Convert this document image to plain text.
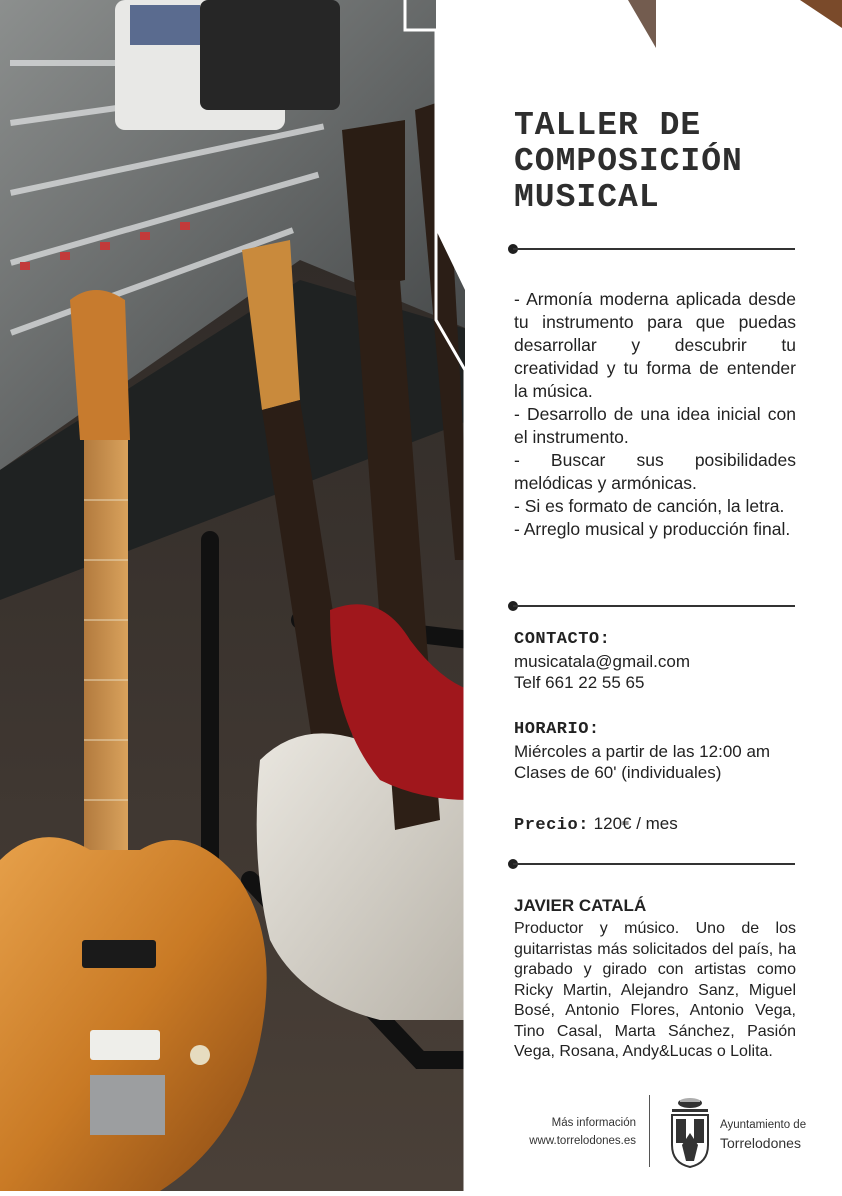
TALLER DE
COMPOSICIÓN
MUSICAL

- Armonía moderna aplicada desde tu instrumento para que puedas desarrollar y descubrir tu creatividad y tu forma de entender la música.

- Desarrollo de una idea inicial con el instrumento.

- Buscar sus posibilidades melódicas y armónicas.

- Si es formato de canción, la letra.

- Arreglo musical y producción final.

CONTACTO:
musicatala@gmail.com
Telf 661 22 55 65
HORARIO:
Miércoles a partir de las 12:00 am
Clases de 60' (individuales)
Precio: 120€ / mes
JAVIER CATALÁ
Productor y músico. Uno de los guitarristas más solicitados del país, ha grabado y girado con artistas como Ricky Martin, Alejandro Sanz, Miguel Bosé, Antonio Flores, Antonio Vega, Tino Casal, Marta Sánchez, Pasión Vega, Rosana, Andy&Lucas o Lolita.
Más información
www.torrelodones.es
Ayuntamiento de
Torrelodones
